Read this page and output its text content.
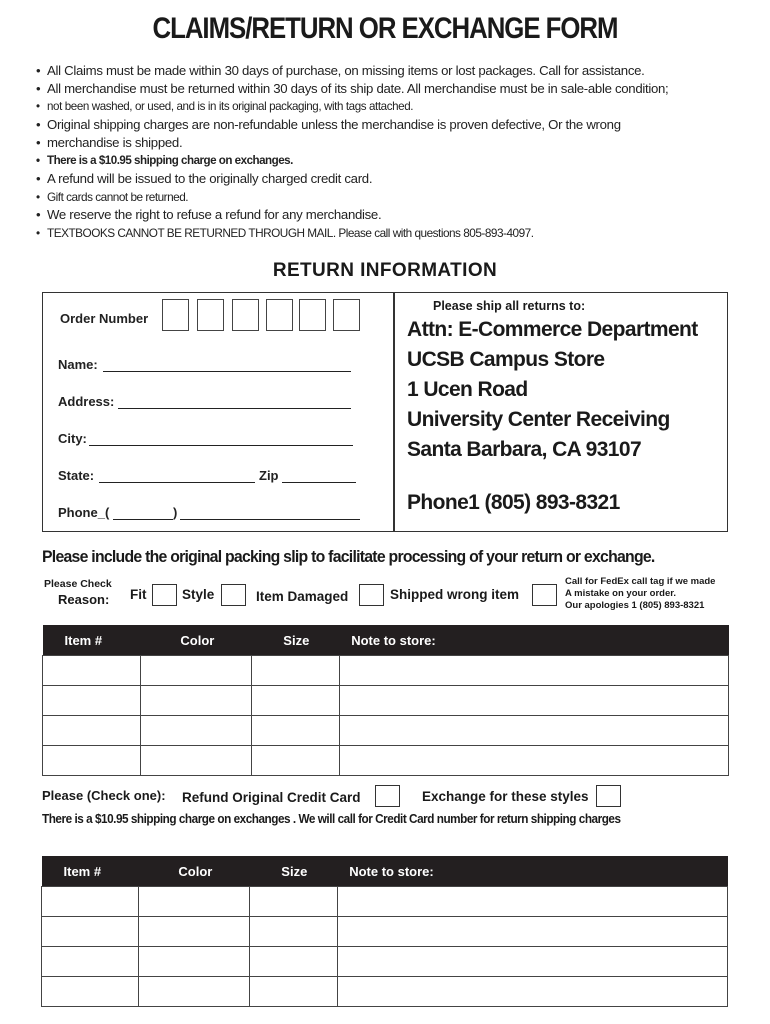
CLAIMS/RETURN OR EXCHANGE FORM
• All Claims must be made within 30 days of purchase, on missing items or lost packages. Call for assistance.
• All merchandise must be returned within 30 days of its ship date. All merchandise must be in sale-able condition;
• not been washed, or used, and is in its original packaging, with tags attached.
• Original shipping charges are non-refundable unless the merchandise is proven defective, Or the wrong
• merchandise is shipped.
• There is a $10.95 shipping charge on exchanges.
• A refund will be issued to the originally charged credit card.
• Gift cards cannot be returned.
• We reserve the right to refuse a refund for any merchandise.
• TEXTBOOKS CANNOT BE RETURNED THROUGH MAIL. Please call with questions 805-893-4097.
RETURN INFORMATION
Order Number
Name:
Address:
City:
State:	Zip
Phone_(	)
Please ship all returns to:
Attn: E-Commerce Department
UCSB Campus Store
1 Ucen Road
University Center Receiving
Santa Barbara, CA 93107
Phone1 (805) 893-8321
Please include the original packing slip to facilitate processing of your return or exchange.
Please Check
Reason: Fit	Style	Item Damaged	Shipped wrong item
Call for FedEx call tag if we made
A mistake on your order.
Our apologies 1 (805) 893-8321
Item #	Color	Size	Note to store:

Please (Check one): Refund Original Credit Card	Exchange for these styles
There is a $10.95 shipping charge on exchanges . We will call for Credit Card number for return shipping charges
Item #	Color	Size	Note to store:
